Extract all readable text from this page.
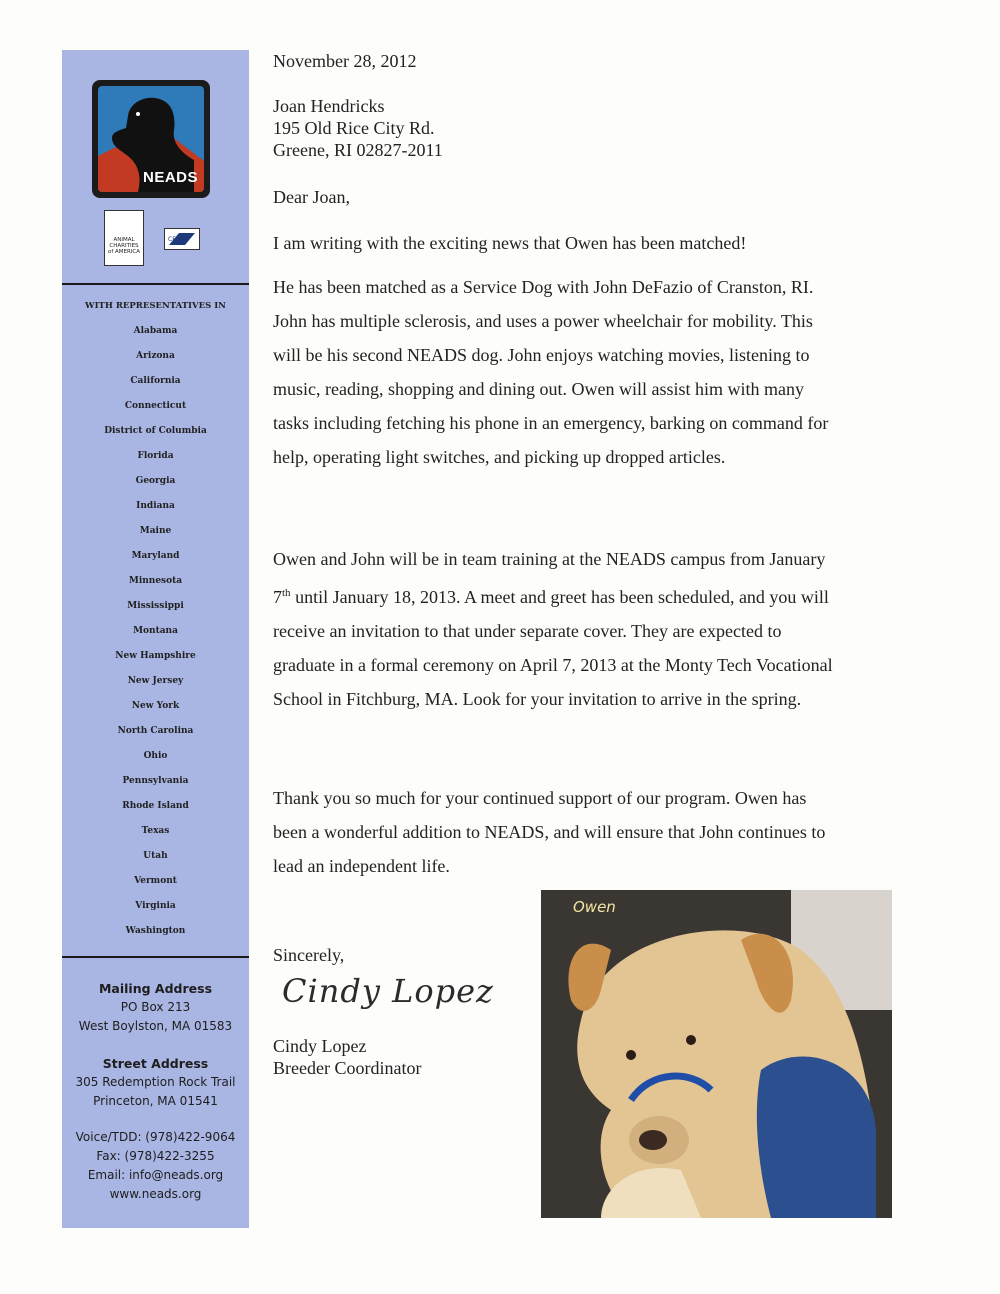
NEADS
ANIMAL
CHARITIES
of AMERICA
CFC
WITH REPRESENTATIVES IN
Alabama
Arizona
California
Connecticut
District of Columbia
Florida
Georgia
Indiana
Maine
Maryland
Minnesota
Mississippi
Montana
New Hampshire
New Jersey
New York
North Carolina
Ohio
Pennsylvania
Rhode Island
Texas
Utah
Vermont
Virginia
Washington
Mailing Address
PO Box 213
West Boylston, MA 01583
Street Address
305 Redemption Rock Trail
Princeton, MA 01541
Voice/TDD: (978)422-9064
Fax: (978)422-3255
Email: info@neads.org
www.neads.org
November 28, 2012
Joan Hendricks
195 Old Rice City Rd.
Greene, RI 02827-2011
Dear Joan,
I am writing with the exciting news that Owen has been matched!

He has been matched as a Service Dog with John DeFazio of Cranston, RI. John has multiple sclerosis, and uses a power wheelchair for mobility. This will be his second NEADS dog. John enjoys watching movies, listening to music, reading, shopping and dining out. Owen will assist him with many tasks including fetching his phone in an emergency, barking on command for help, operating light switches, and picking up dropped articles.

Owen and John will be in team training at the NEADS campus from January 7th until January 18, 2013. A meet and greet has been scheduled, and you will receive an invitation to that under separate cover. They are expected to graduate in a formal ceremony on April 7, 2013 at the Monty Tech Vocational School in Fitchburg, MA. Look for your invitation to arrive in the spring.

Thank you so much for your continued support of our program. Owen has been a wonderful addition to NEADS, and will ensure that John continues to lead an independent life.

Sincerely,
Cindy Lopez
Cindy Lopez
Breeder Coordinator
Owen
